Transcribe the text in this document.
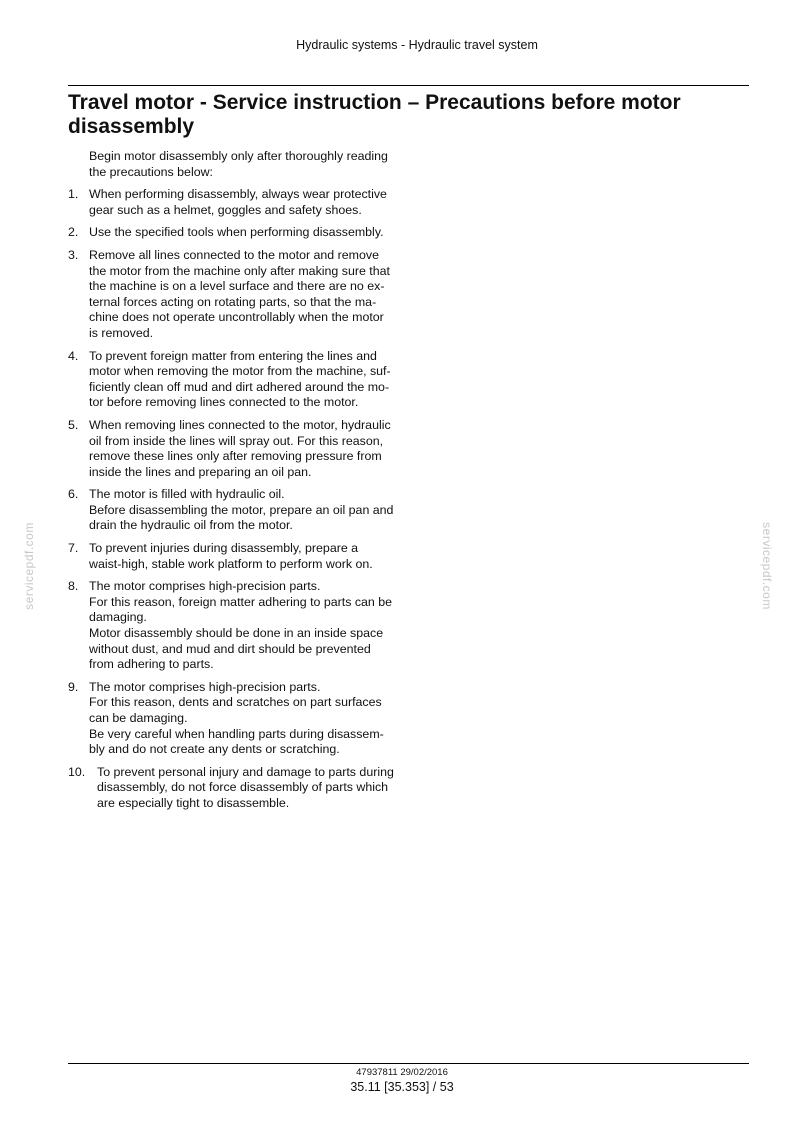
Hydraulic systems - Hydraulic travel system
Travel motor - Service instruction – Precautions before motor
disassembly

Begin motor disassembly only after thoroughly reading
the precautions below:

1. When performing disassembly, always wear protective
gear such as a helmet, goggles and safety shoes.
2. Use the specified tools when performing disassembly.
3. Remove all lines connected to the motor and remove
the motor from the machine only after making sure that
the machine is on a level surface and there are no ex-
ternal forces acting on rotating parts, so that the ma-
chine does not operate uncontrollably when the motor
is removed.
4. To prevent foreign matter from entering the lines and
motor when removing the motor from the machine, suf-
ficiently clean off mud and dirt adhered around the mo-
tor before removing lines connected to the motor.
5. When removing lines connected to the motor, hydraulic
oil from inside the lines will spray out. For this reason,
remove these lines only after removing pressure from
inside the lines and preparing an oil pan.
6. The motor is filled with hydraulic oil.
Before disassembling the motor, prepare an oil pan and
drain the hydraulic oil from the motor.
7. To prevent injuries during disassembly, prepare a
waist-high, stable work platform to perform work on.
8. The motor comprises high-precision parts.
For this reason, foreign matter adhering to parts can be
damaging.
Motor disassembly should be done in an inside space
without dust, and mud and dirt should be prevented
from adhering to parts.
9. The motor comprises high-precision parts.
For this reason, dents and scratches on part surfaces
can be damaging.
Be very careful when handling parts during disassem-
bly and do not create any dents or scratching.
10. To prevent personal injury and damage to parts during
disassembly, do not force disassembly of parts which
are especially tight to disassemble.
servicepdf.com	servicepdf.com
47937811 29/02/2016
35.11 [35.353] / 53
